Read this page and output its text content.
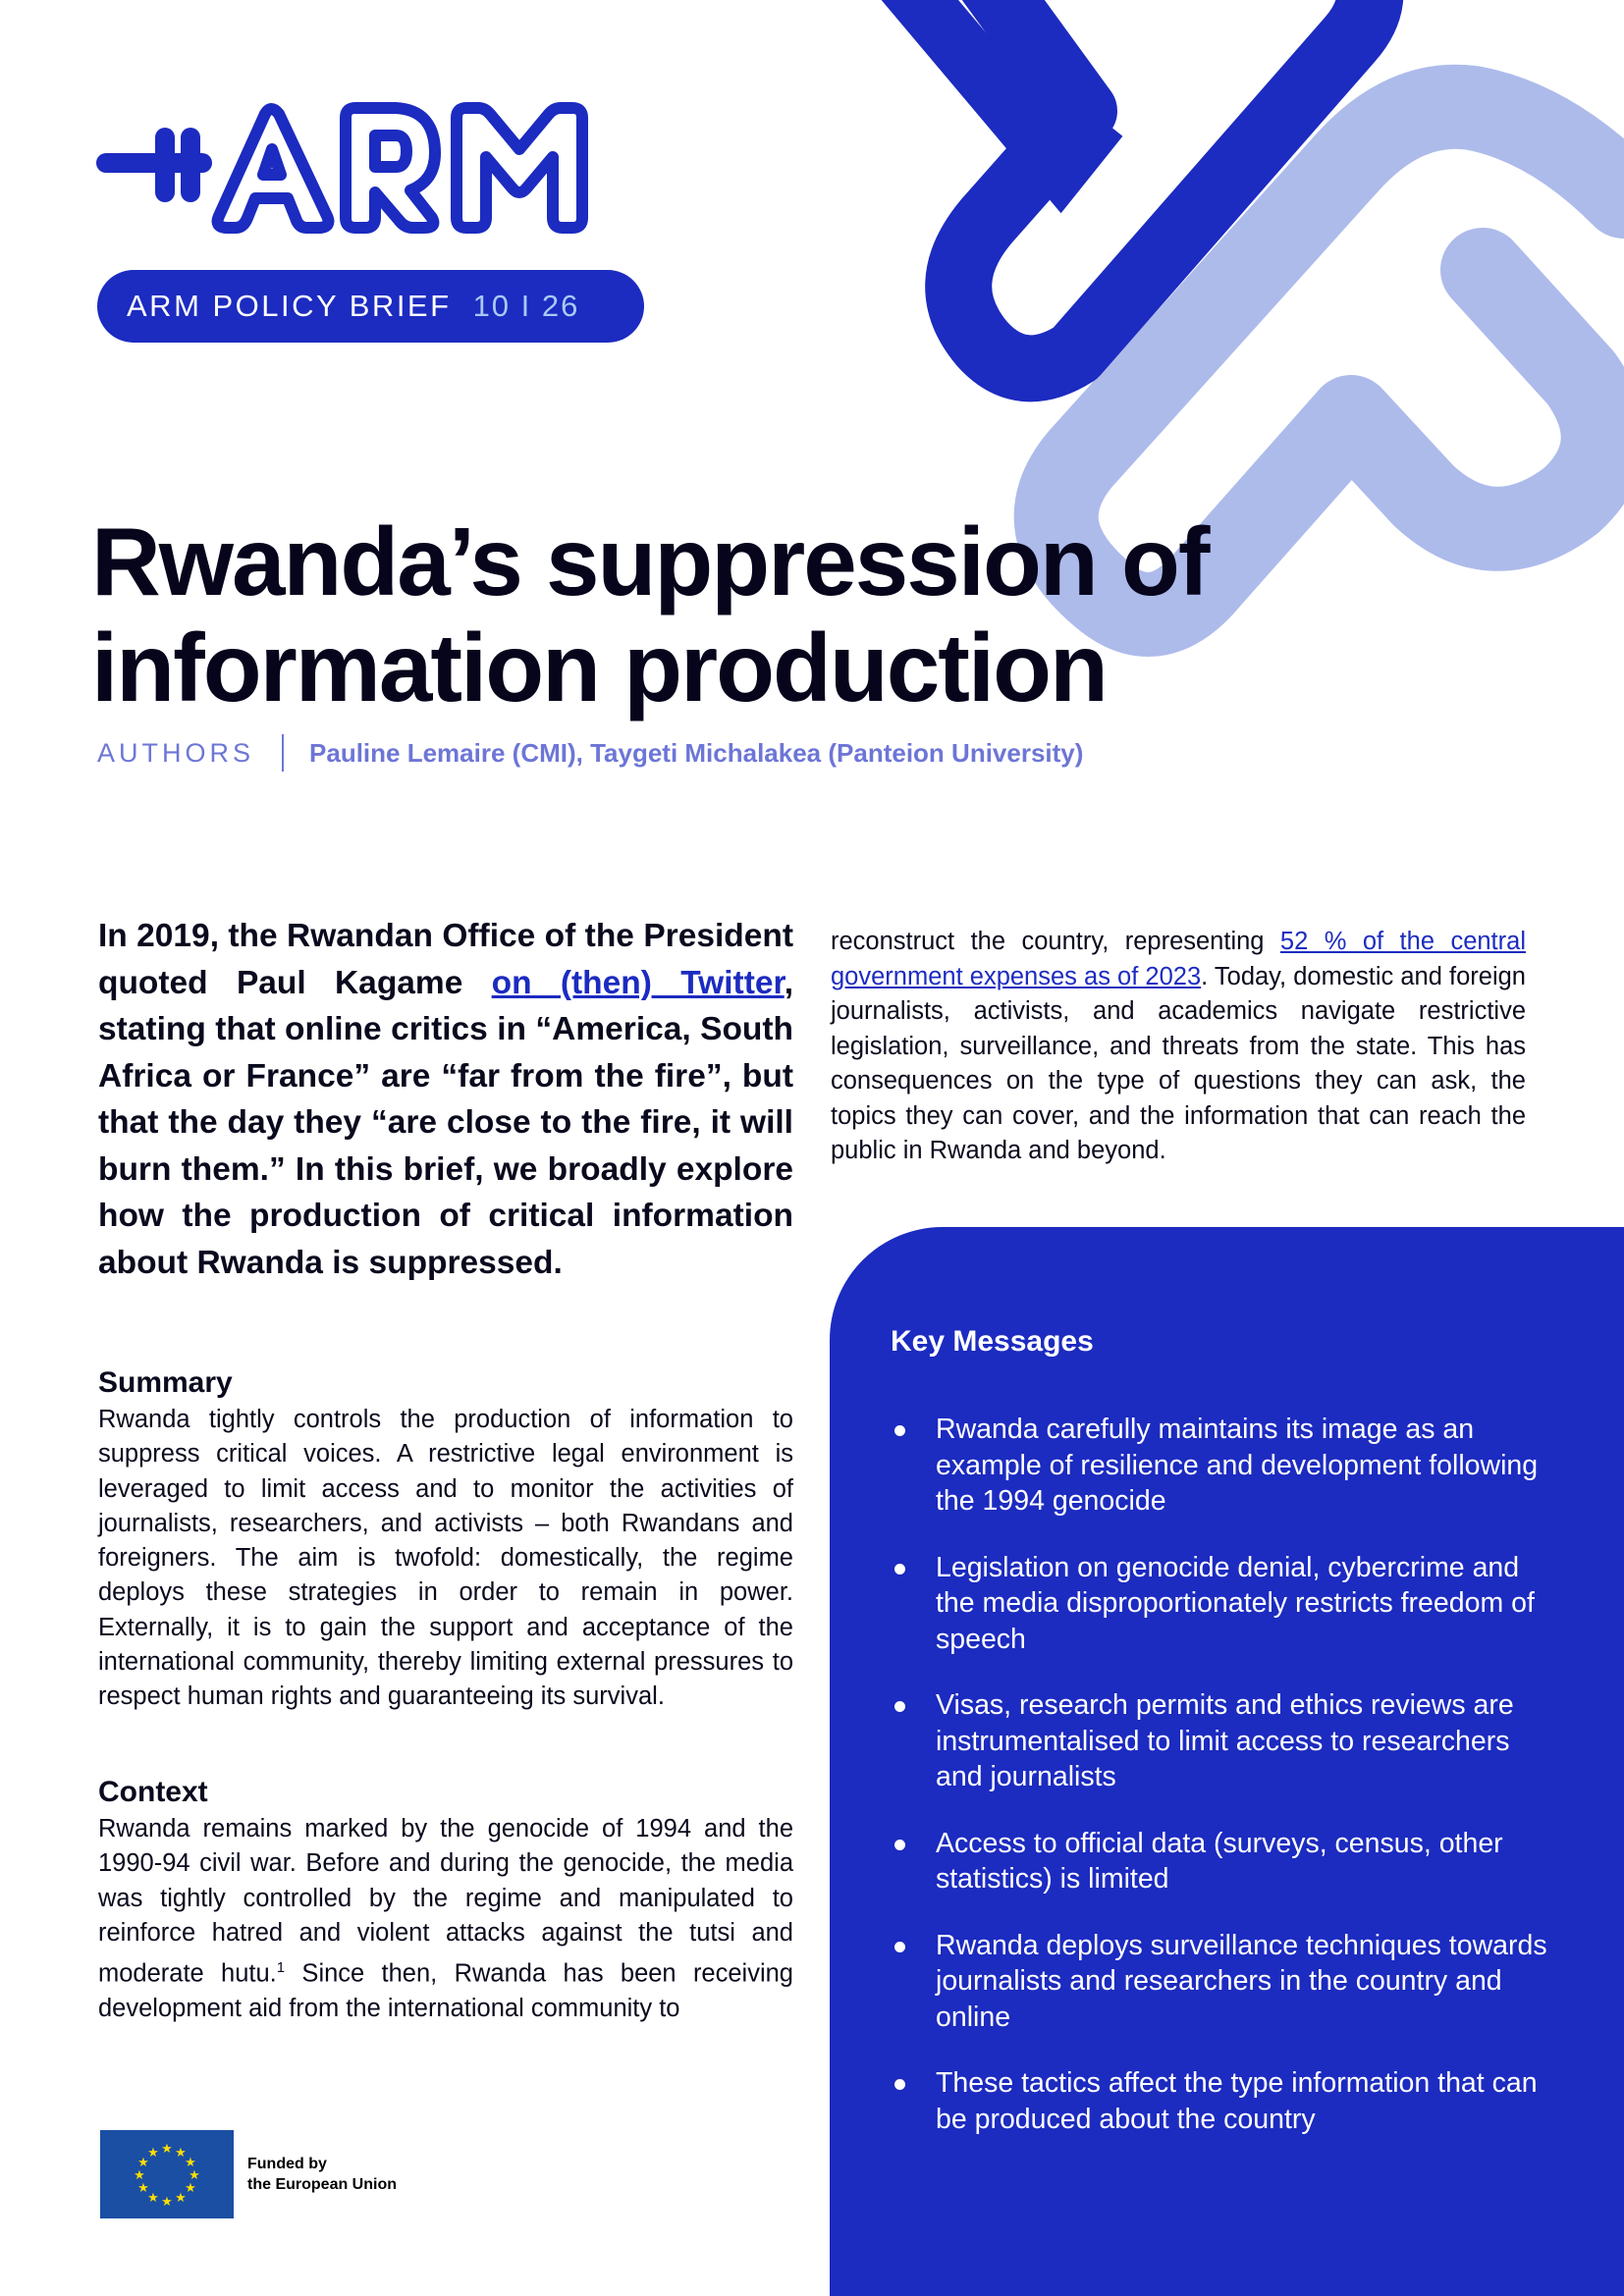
ARM POLICY BRIEF 10 I 26
Rwanda’s suppression of
information production
AUTHORS Pauline Lemaire (CMI), Taygeti Michalakea (Panteion University)

In 2019, the Rwandan Office of the President quoted Paul Kagame on (then) Twitter, stating that online critics in “America, South Africa or France” are “far from the fire”, but that the day they “are close to the fire, it will burn them.” In this brief, we broadly explore how the production of critical information about Rwanda is suppressed.

reconstruct the country, representing 52 % of the central government expenses as of 2023. Today, domestic and foreign journalists, activists, and academics navigate restrictive legislation, surveillance, and threats from the state. This has consequences on the type of questions they can ask, the topics they can cover, and the information that can reach the public in Rwanda and beyond.

Summary

Rwanda tightly controls the production of information to suppress critical voices. A restrictive legal environment is leveraged to limit access and to monitor the activities of journalists, researchers, and activists – both Rwandans and foreigners. The aim is twofold: domestically, the regime deploys these strategies in order to remain in power. Externally, it is to gain the support and acceptance of the international community, thereby limiting external pressures to respect human rights and guaranteeing its survival.

Context

Rwanda remains marked by the genocide of 1994 and the 1990-94 civil war. Before and during the genocide, the media was tightly controlled by the regime and manipulated to reinforce hatred and violent attacks against the tutsi and moderate hutu.$^1$ Since then, Rwanda has been receiving development aid from the international community to

Key Messages
Rwanda carefully maintains its image as an example of resilience and development following the 1994 genocide
Legislation on genocide denial, cybercrime and the media disproportionately restricts freedom of speech
Visas, research permits and ethics reviews are instrumentalised to limit access to researchers and journalists
Access to official data (surveys, census, other statistics) is limited
Rwanda deploys surveillance techniques towards journalists and researchers in the country and online
These tactics affect the type information that can be produced about the country
★ ★
★
★
★
★
★
★
★
★
★
★
Funded by
the European Union
